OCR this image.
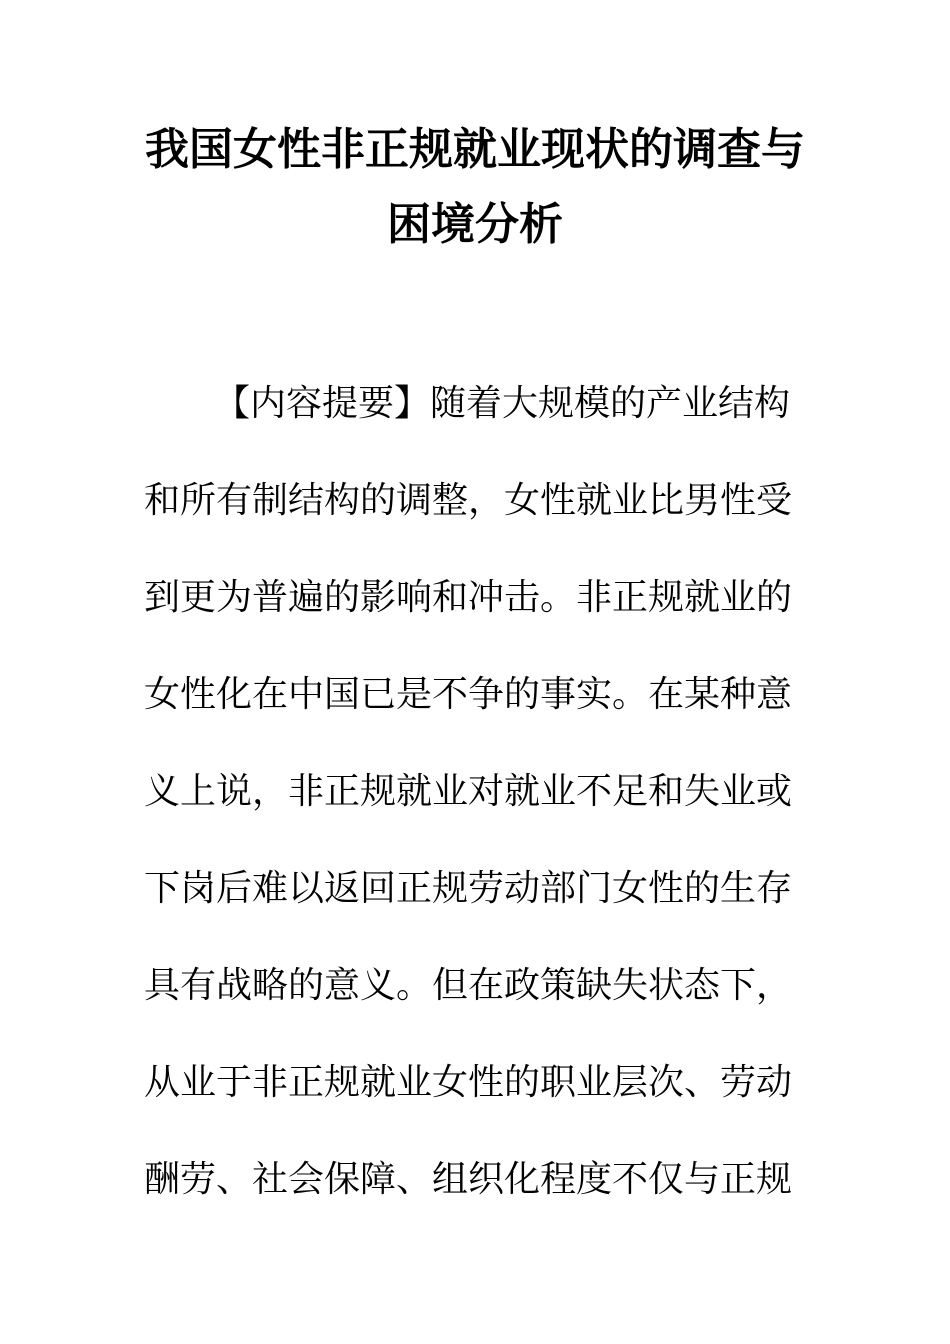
我国女性非正规就业现状的调查与
困境分析
【内容提要】随着大规模的产业结构
和所有制结构的调整，女性就业比男性受
到更为普遍的影响和冲击。非正规就业的
女性化在中国已是不争的事实。在某种意
义上说，非正规就业对就业不足和失业或
下岗后难以返回正规劳动部门女性的生存
具有战略的意义。但在政策缺失状态下，
从业于非正规就业女性的职业层次、劳动
酬劳、社会保障、组织化程度不仅与正规
